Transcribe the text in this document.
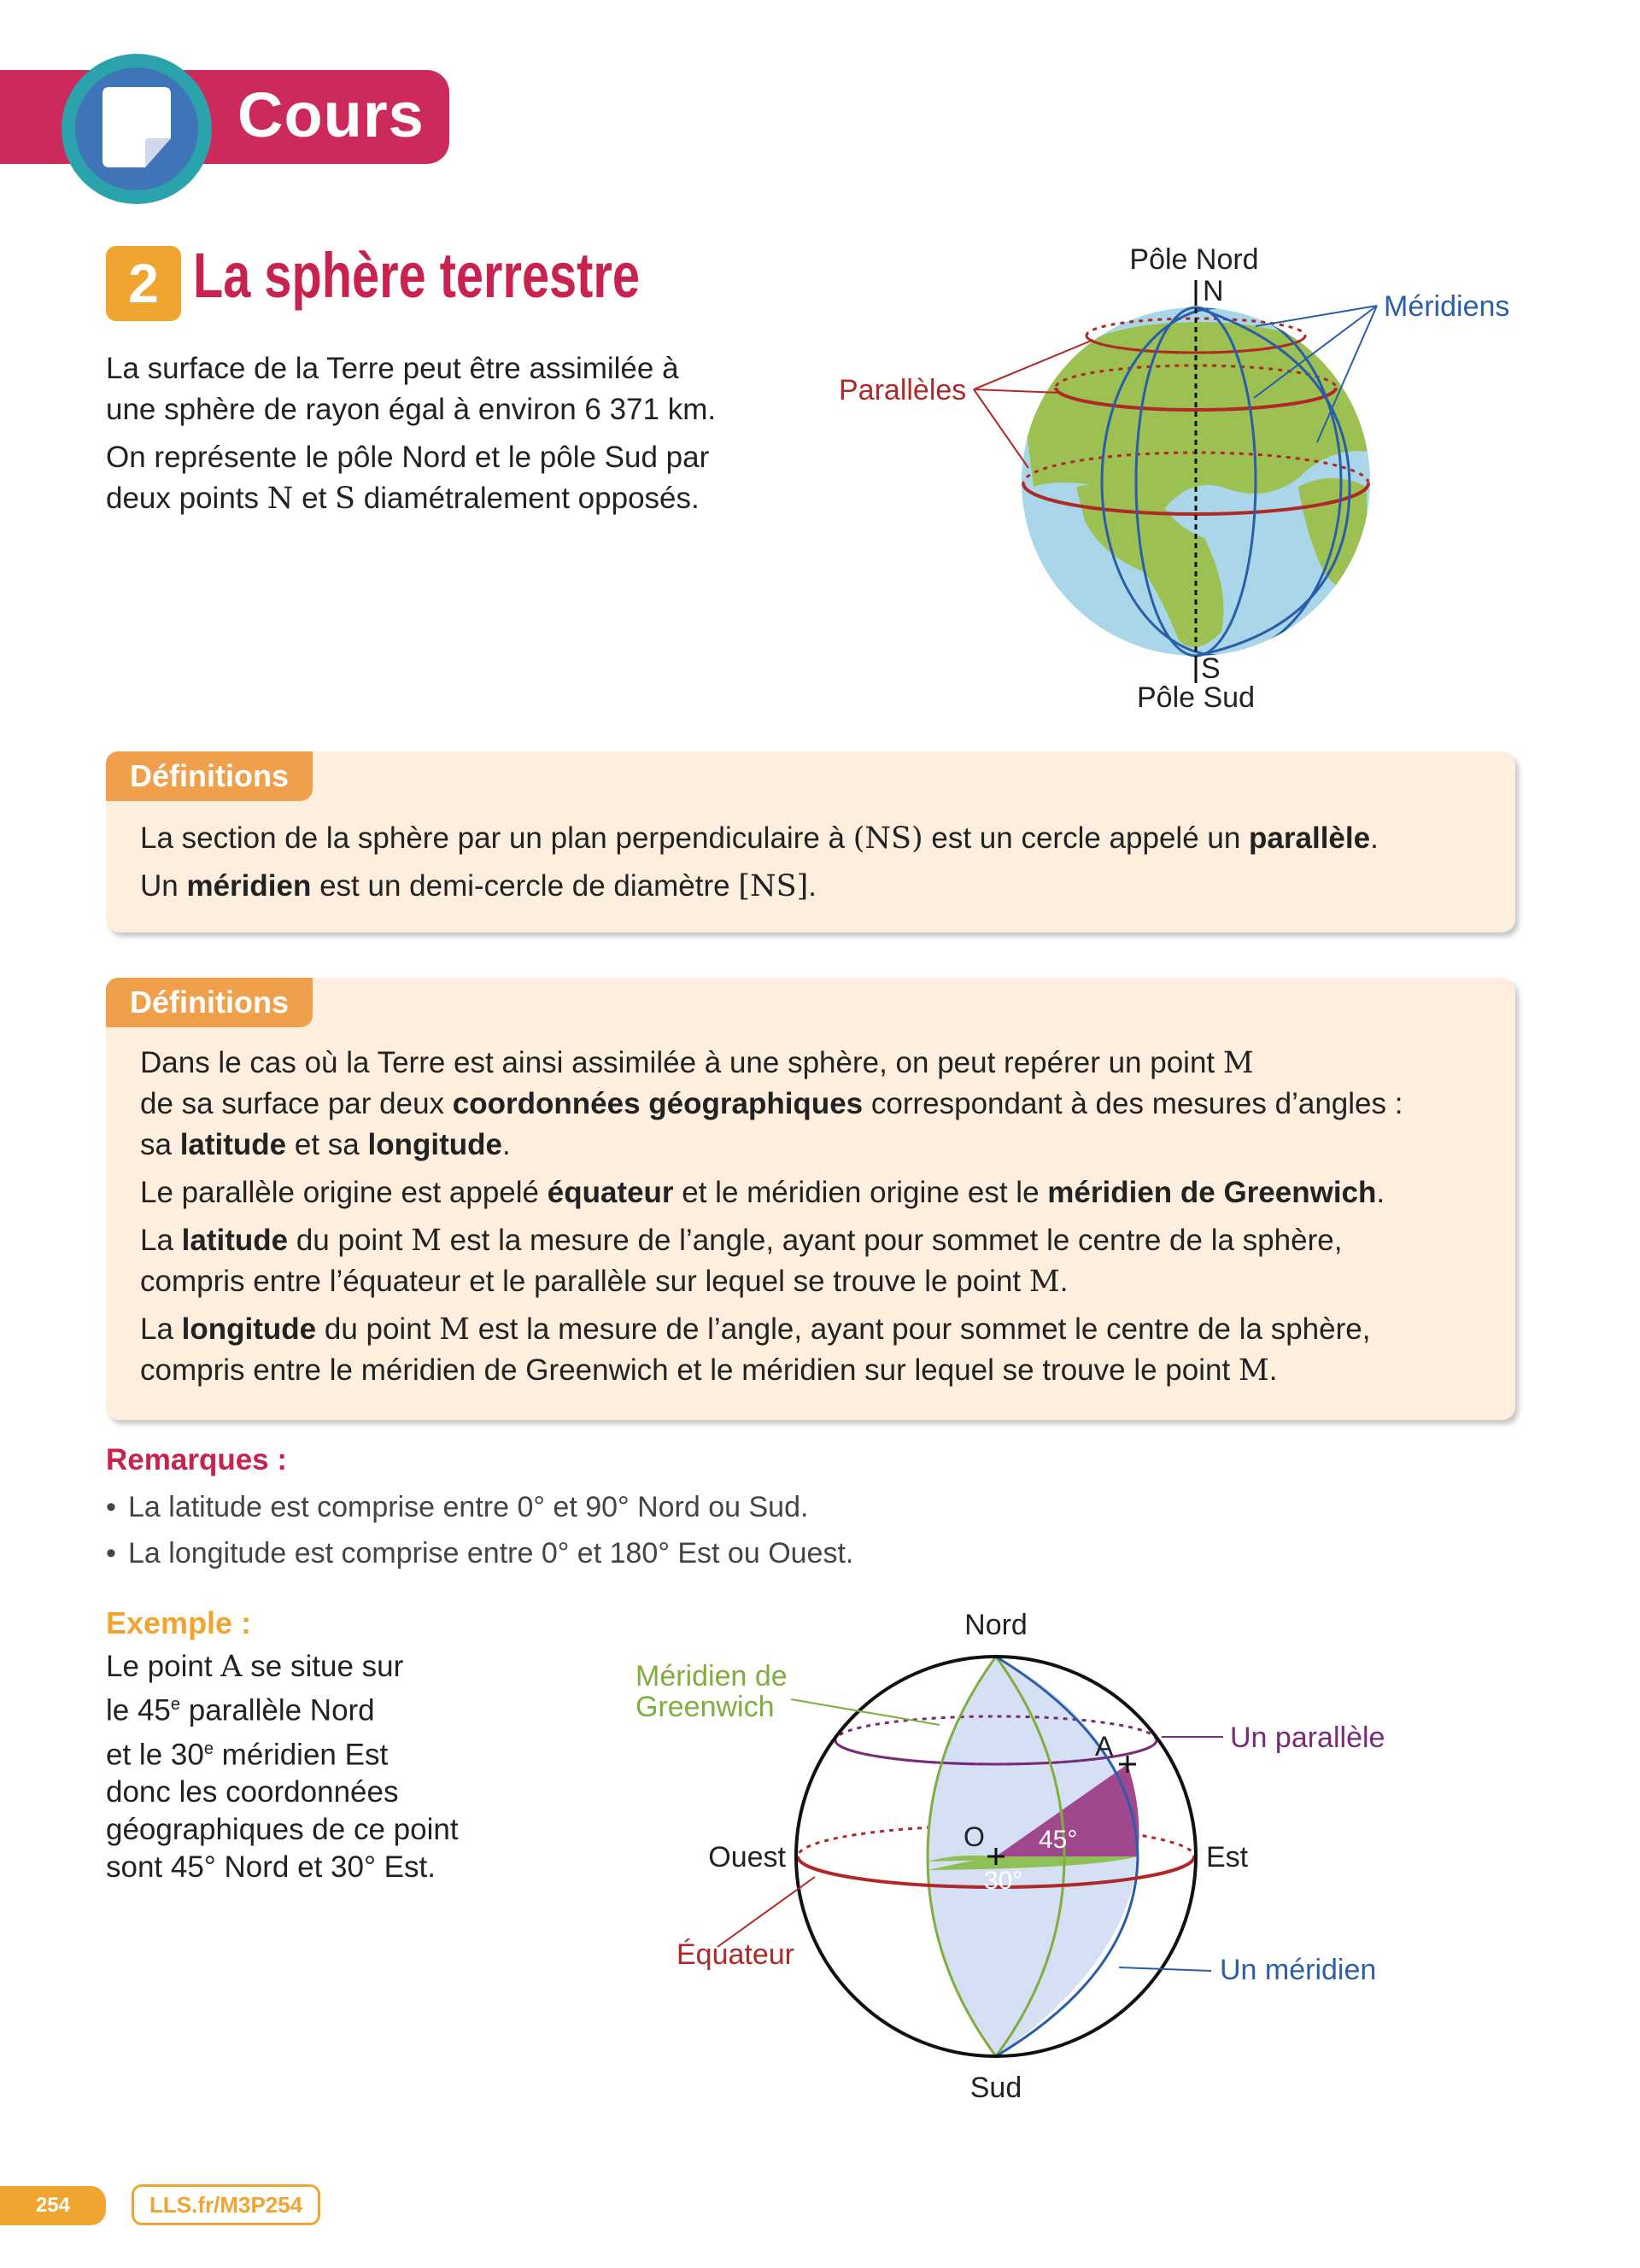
Cours
2 La sphère terrestre
La surface de la Terre peut être assimilée à
une sphère de rayon égal à environ 6 371 km.
On représente le pôle Nord et le pôle Sud par
deux points N et S diamétralement opposés.
Pôle Nord
N	Méridiens
Parallèles
S
Pôle Sud
Définitions

La section de la sphère par un plan perpendiculaire à (NS) est un cercle appelé un parallèle.

Un méridien est un demi-cercle de diamètre [NS].

Définitions

Dans le cas où la Terre est ainsi assimilée à une sphère, on peut repérer un point M
de sa surface par deux coordonnées géographiques correspondant à des mesures d’angles :
sa latitude et sa longitude.

Le parallèle origine est appelé équateur et le méridien origine est le méridien de Greenwich.

La latitude du point M est la mesure de l’angle, ayant pour sommet le centre de la sphère,
compris entre l’équateur et le parallèle sur lequel se trouve le point M.

La longitude du point M est la mesure de l’angle, ayant pour sommet le centre de la sphère,
compris entre le méridien de Greenwich et le méridien sur lequel se trouve le point M.

Remarques :
• La latitude est comprise entre 0° et 90° Nord ou Sud.
• La longitude est comprise entre 0° et 180° Est ou Ouest.
Exemple :
Le point A se situe sur
le 45e parallèle Nord
et le 30e méridien Est
donc les coordonnées
géographiques de ce point
sont 45° Nord et 30° Est.
Nord
Sud
Ouest	Est
Méridien de
Greenwich
Un parallèle
Équateur	Un méridien
A
O 45°
30°
254	LLS.fr/M3P254
